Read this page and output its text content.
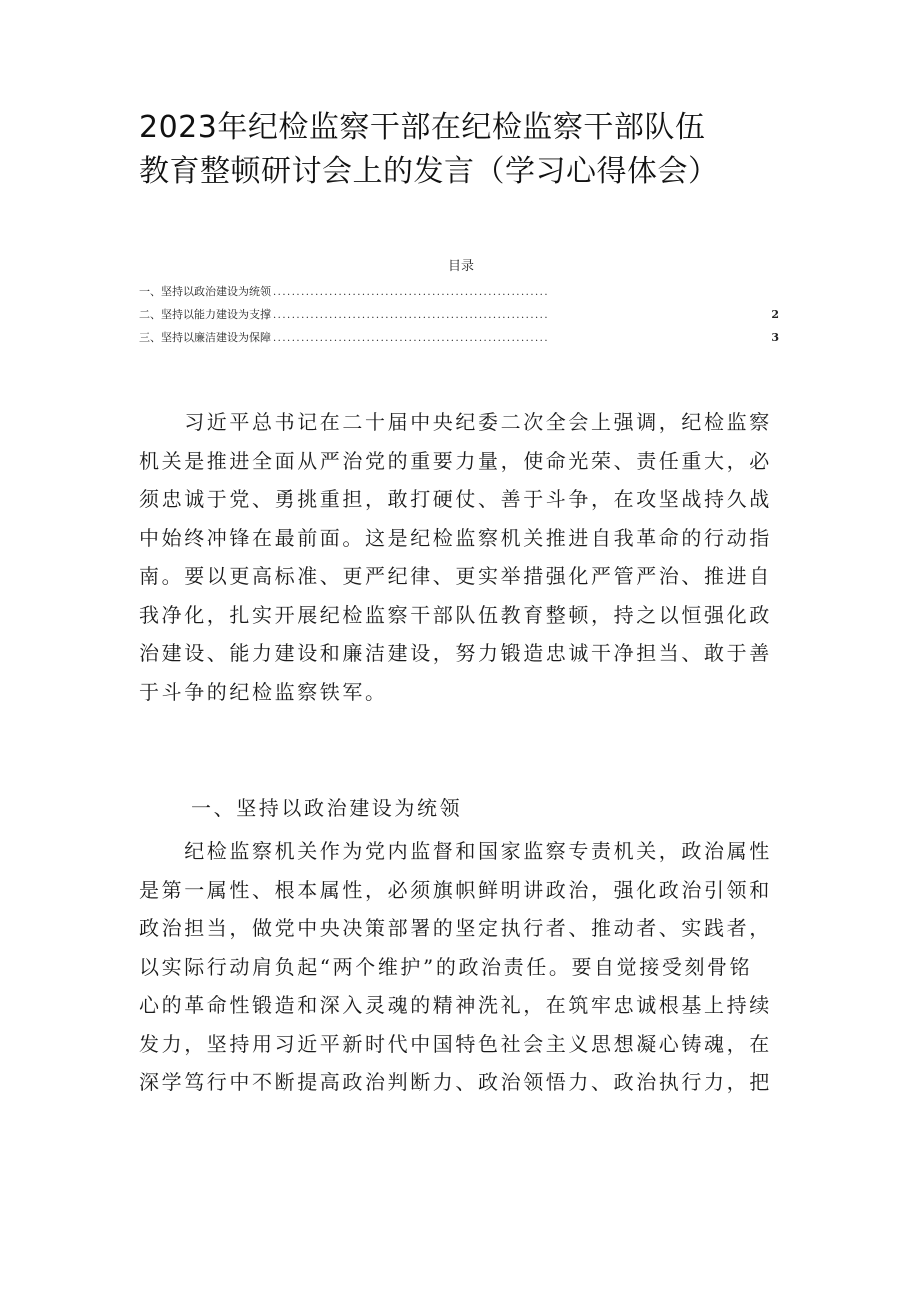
2023年纪检监察干部在纪检监察干部队伍
教育整顿研讨会上的发言（学习心得体会）
目录
一、坚持以政治建设为统领 ...........................................................
二、坚持以能力建设为支撑 ...........................................................	2
三、坚持以廉洁建设为保障 ...........................................................	3
　　习近平总书记在二十届中央纪委二次全会上强调，纪检监察
机关是推进全面从严治党的重要力量，使命光荣、责任重大，必
须忠诚于党、勇挑重担，敢打硬仗、善于斗争，在攻坚战持久战
中始终冲锋在最前面。这是纪检监察机关推进自我革命的行动指
南。要以更高标准、更严纪律、更实举措强化严管严治、推进自
我净化，扎实开展纪检监察干部队伍教育整顿，持之以恒强化政
治建设、能力建设和廉洁建设，努力锻造忠诚干净担当、敢于善
于斗争的纪检监察铁军。
一、坚持以政治建设为统领
　　纪检监察机关作为党内监督和国家监察专责机关，政治属性
是第一属性、根本属性，必须旗帜鲜明讲政治，强化政治引领和
政治担当，做党中央决策部署的坚定执行者、推动者、实践者，
以实际行动肩负起“两个维护”的政治责任。要自觉接受刻骨铭
心的革命性锻造和深入灵魂的精神洗礼，在筑牢忠诚根基上持续
发力，坚持用习近平新时代中国特色社会主义思想凝心铸魂，在
深学笃行中不断提高政治判断力、政治领悟力、政治执行力，把
